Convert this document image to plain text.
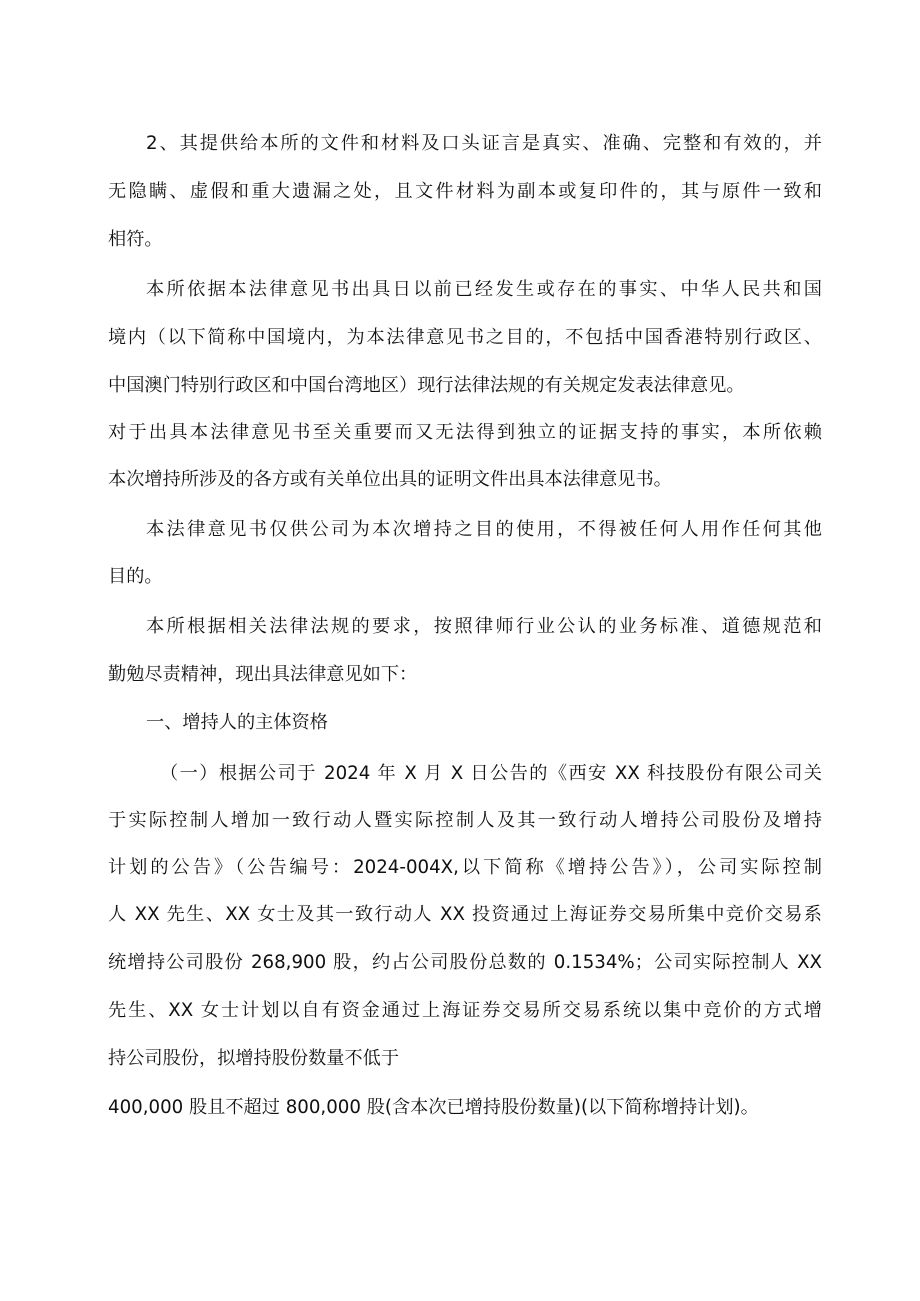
2、其提供给本所的文件和材料及口头证言是真实、准确、完整和有效的，并
无隐瞒、虚假和重大遗漏之处，且文件材料为副本或复印件的，其与原件一致和
相符。
本所依据本法律意见书出具日以前已经发生或存在的事实、中华人民共和国
境内（以下简称中国境内，为本法律意见书之目的，不包括中国香港特别行政区、
中国澳门特别行政区和中国台湾地区）现行法律法规的有关规定发表法律意见。
对于出具本法律意见书至关重要而又无法得到独立的证据支持的事实，本所依赖
本次增持所涉及的各方或有关单位出具的证明文件出具本法律意见书。
本法律意见书仅供公司为本次增持之目的使用，不得被任何人用作任何其他
目的。
本所根据相关法律法规的要求，按照律师行业公认的业务标准、道德规范和
勤勉尽责精神，现出具法律意见如下：
一、增持人的主体资格
（一）根据公司于 2024 年 X 月 X 日公告的《西安 XX 科技股份有限公司关
于实际控制人增加一致行动人暨实际控制人及其一致行动人增持公司股份及增持
计划的公告》（公告编号：2024-004X,以下简称《增持公告》），公司实际控制
人 XX 先生、XX 女士及其一致行动人 XX 投资通过上海证券交易所集中竞价交易系
统增持公司股份 268,900 股，约占公司股份总数的 0.1534%；公司实际控制人 XX
先生、XX 女士计划以自有资金通过上海证券交易所交易系统以集中竞价的方式增
持公司股份，拟增持股份数量不低于
400,000 股且不超过 800,000 股(含本次已增持股份数量)(以下简称增持计划)。
